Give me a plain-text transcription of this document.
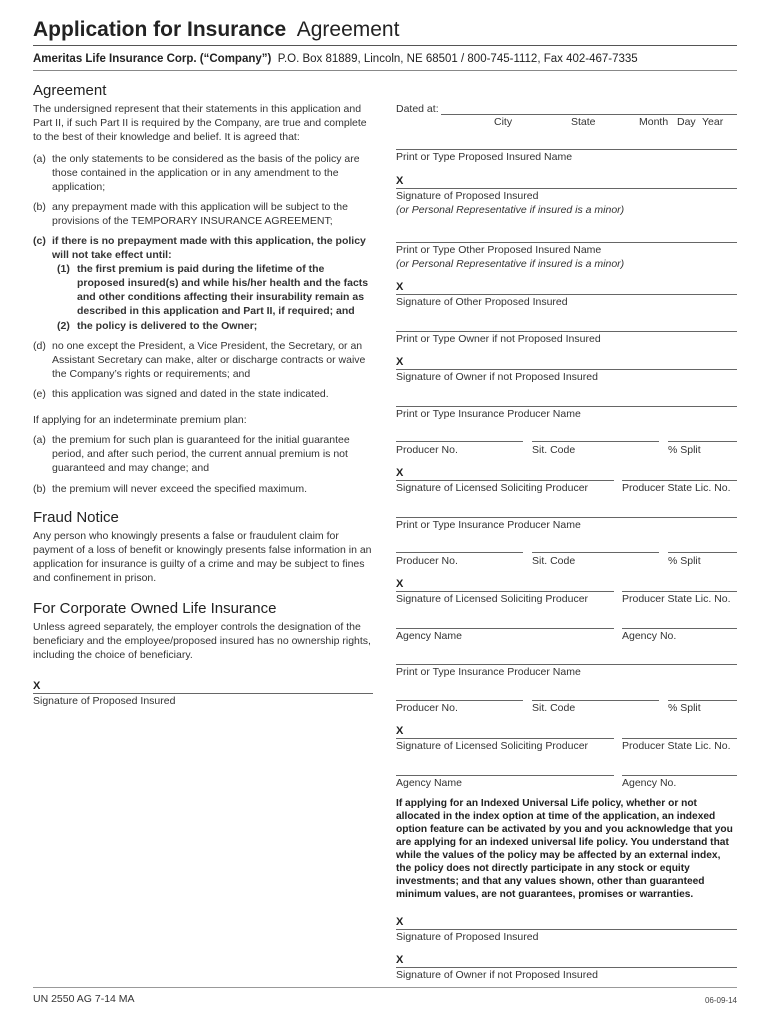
Application for Insurance Agreement
Ameritas Life Insurance Corp. (“Company”) P.O. Box 81889, Lincoln, NE 68501 / 800-745-1112, Fax 402-467-7335
Agreement
The undersigned represent that their statements in this application and Part II, if such Part II is required by the Company, are true and complete to the best of their knowledge and belief. It is agreed that:
(a) the only statements to be considered as the basis of the policy are those contained in the application or in any amendment to the application;
(b) any prepayment made with this application will be subject to the provisions of the TEMPORARY INSURANCE AGREEMENT;
(c) if there is no prepayment made with this application, the policy will not take effect until:
(1) the first premium is paid during the lifetime of the proposed insured(s) and while his/her health and the facts and other conditions affecting their insurability remain as described in this application and Part II, if required; and
(2) the policy is delivered to the Owner;
(d) no one except the President, a Vice President, the Secretary, or an Assistant Secretary can make, alter or discharge contracts or waive the Company’s rights or requirements; and
(e) this application was signed and dated in the state indicated.
If applying for an indeterminate premium plan:
(a) the premium for such plan is guaranteed for the initial guarantee period, and after such period, the current annual premium is not guaranteed and may change; and
(b) the premium will never exceed the specified maximum.
Fraud Notice
Any person who knowingly presents a false or fraudulent claim for payment of a loss of benefit or knowingly presents false information in an application for insurance is guilty of a crime and may be subject to fines and confinement in prison.
For Corporate Owned Life Insurance
Unless agreed separately, the employer controls the designation of the beneficiary and the employee/proposed insured has no ownership rights, including the choice of beneficiary.
X
Signature of Proposed Insured
Dated at:
City	State	Month Day Year
Print or Type Proposed Insured Name
X
Signature of Proposed Insured
(or Personal Representative if insured is a minor)
Print or Type Other Proposed Insured Name
(or Personal Representative if insured is a minor)
X
Signature of Other Proposed Insured
Print or Type Owner if not Proposed Insured
X
Signature of Owner if not Proposed Insured
Print or Type Insurance Producer Name
Producer No.	Sit. Code	% Split
X
Signature of Licensed Soliciting Producer	Producer State Lic. No.
Print or Type Insurance Producer Name
Producer No.	Sit. Code	% Split
X
Signature of Licensed Soliciting Producer	Producer State Lic. No.
Agency Name	Agency No.
Print or Type Insurance Producer Name
Producer No.	Sit. Code	% Split
X
Signature of Licensed Soliciting Producer	Producer State Lic. No.
Agency Name	Agency No.
If applying for an Indexed Universal Life policy, whether or not allocated in the index option at time of the application, an indexed option feature can be activated by you and you acknowledge that you are applying for an indexed universal life policy. You understand that while the values of the policy may be affected by an external index, the policy does not directly participate in any stock or equity investments; and that any values shown, other than guaranteed minimum values, are not guarantees, promises or warranties.
X
Signature of Proposed Insured
X
Signature of Owner if not Proposed Insured
UN 2550 AG 7-14 MA	06-09-14
